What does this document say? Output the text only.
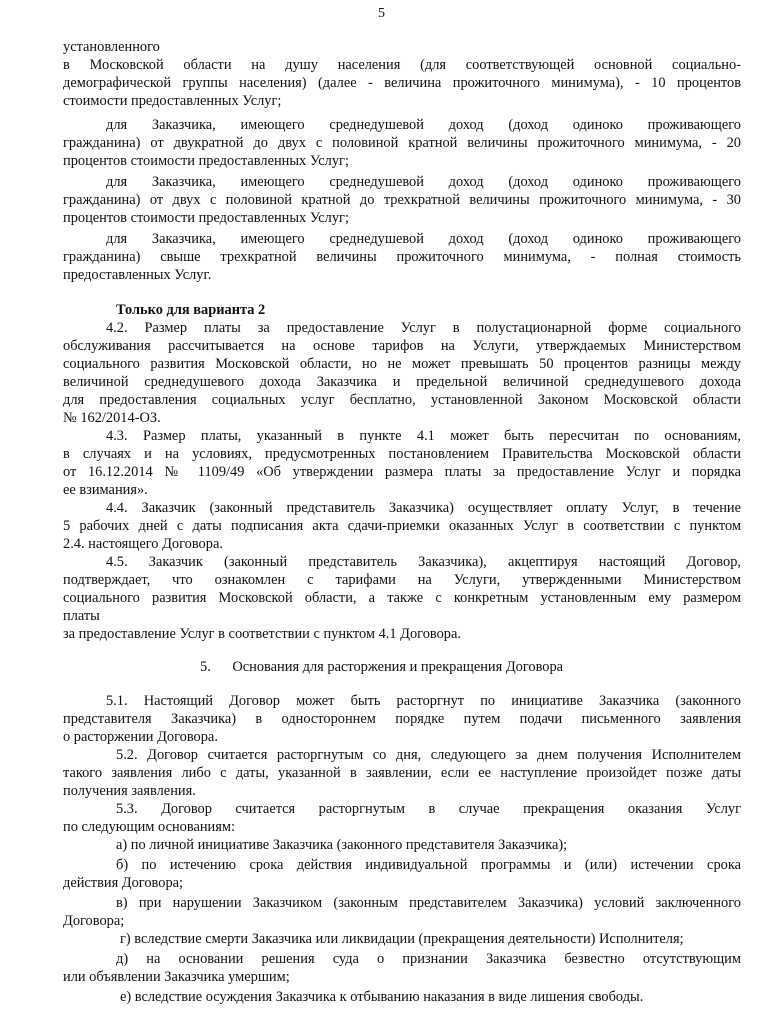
5
установленного
в Московской области на душу населения (для соответствующей основной социально-
демографической группы населения) (далее - величина прожиточного минимума), - 10 процентов
стоимости предоставленных Услуг;
для Заказчика, имеющего среднедушевой доход (доход одиноко проживающего
гражданина) от двукратной до двух с половиной кратной величины прожиточного минимума, - 20
процентов стоимости предоставленных Услуг;
для Заказчика, имеющего среднедушевой доход (доход одиноко проживающего
гражданина) от двух с половиной кратной до трехкратной величины прожиточного минимума, - 30
процентов стоимости предоставленных Услуг;
для Заказчика, имеющего среднедушевой доход (доход одиноко проживающего
гражданина) свыше трехкратной величины прожиточного минимума, - полная стоимость
предоставленных Услуг.
Только для варианта 2
4.2. Размер платы за предоставление Услуг в полустационарной форме социального
обслуживания рассчитывается на основе тарифов на Услуги, утверждаемых Министерством
социального развития Московской области, но не может превышать 50 процентов разницы между
величиной среднедушевого дохода Заказчика и предельной величиной среднедушевого дохода
для предоставления социальных услуг бесплатно, установленной Законом Московской области
№ 162/2014-ОЗ.
4.3. Размер платы, указанный в пункте 4.1 может быть пересчитан по основаниям,
в случаях и на условиях, предусмотренных постановлением Правительства Московской области
от 16.12.2014 № 1109/49 «Об утверждении размера платы за предоставление Услуг и порядка
ее взимания».
4.4. Заказчик (законный представитель Заказчика) осуществляет оплату Услуг, в течение
5 рабочих дней с даты подписания акта сдачи-приемки оказанных Услуг в соответствии с пунктом
2.4. настоящего Договора.
4.5. Заказчик (законный представитель Заказчика), акцептируя настоящий Договор,
подтверждает, что ознакомлен с тарифами на Услуги, утвержденными Министерством
социального развития Московской области, а также с конкретным установленным ему размером
платы
за предоставление Услуг в соответствии с пунктом 4.1 Договора.
5.      Основания для расторжения и прекращения Договора
5.1. Настоящий Договор может быть расторгнут по инициативе Заказчика (законного
представителя Заказчика) в одностороннем порядке путем подачи письменного заявления
о расторжении Договора.
5.2. Договор считается расторгнутым со дня, следующего за днем получения Исполнителем
такого заявления либо с даты, указанной в заявлении, если ее наступление произойдет позже даты
получения заявления.
5.3. Договор считается расторгнутым в случае прекращения оказания Услуг
по следующим основаниям:
а) по личной инициативе Заказчика (законного представителя Заказчика);
б) по истечению срока действия индивидуальной программы и (или) истечении срока
действия Договора;
в) при нарушении Заказчиком (законным представителем Заказчика) условий заключенного
Договора;
г) вследствие смерти Заказчика или ликвидации (прекращения деятельности) Исполнителя;
д) на основании решения суда о признании Заказчика безвестно отсутствующим
или объявлении Заказчика умершим;
е) вследствие осуждения Заказчика к отбыванию наказания в виде лишения свободы.
